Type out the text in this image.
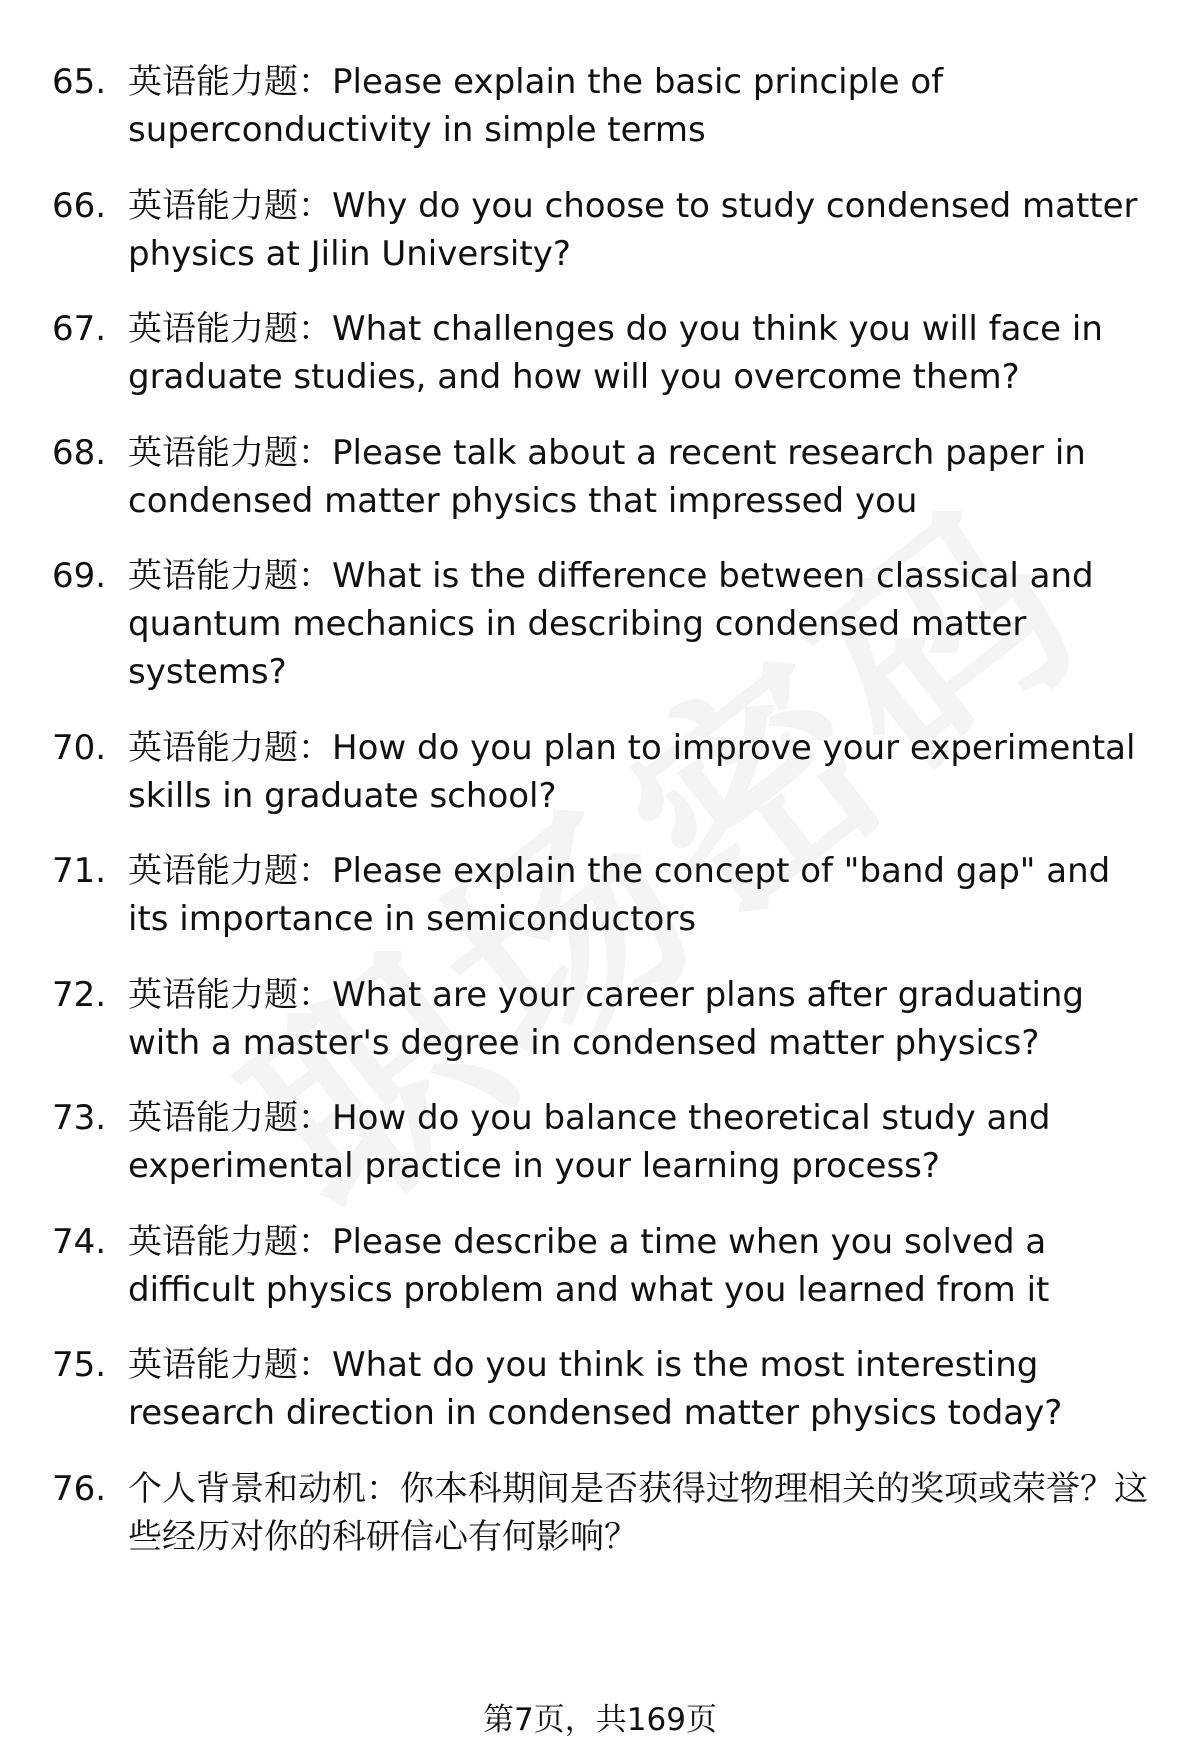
65. 英语能力题：Please explain the basic principle of superconductivity in simple terms
66. 英语能力题：Why do you choose to study condensed matter physics at Jilin University?
67. 英语能力题：What challenges do you think you will face in graduate studies, and how will you overcome them?
68. 英语能力题：Please talk about a recent research paper in condensed matter physics that impressed you
69. 英语能力题：What is the difference between classical and quantum mechanics in describing condensed matter systems?
70. 英语能力题：How do you plan to improve your experimental skills in graduate school?
71. 英语能力题：Please explain the concept of "band gap" and its importance in semiconductors
72. 英语能力题：What are your career plans after graduating with a master's degree in condensed matter physics?
73. 英语能力题：How do you balance theoretical study and experimental practice in your learning process?
74. 英语能力题：Please describe a time when you solved a difficult physics problem and what you learned from it
75. 英语能力题：What do you think is the most interesting research direction in condensed matter physics today?
76. 个人背景和动机：你本科期间是否获得过物理相关的奖项或荣誉？这些经历对你的科研信心有何影响？
第7页，共169页
